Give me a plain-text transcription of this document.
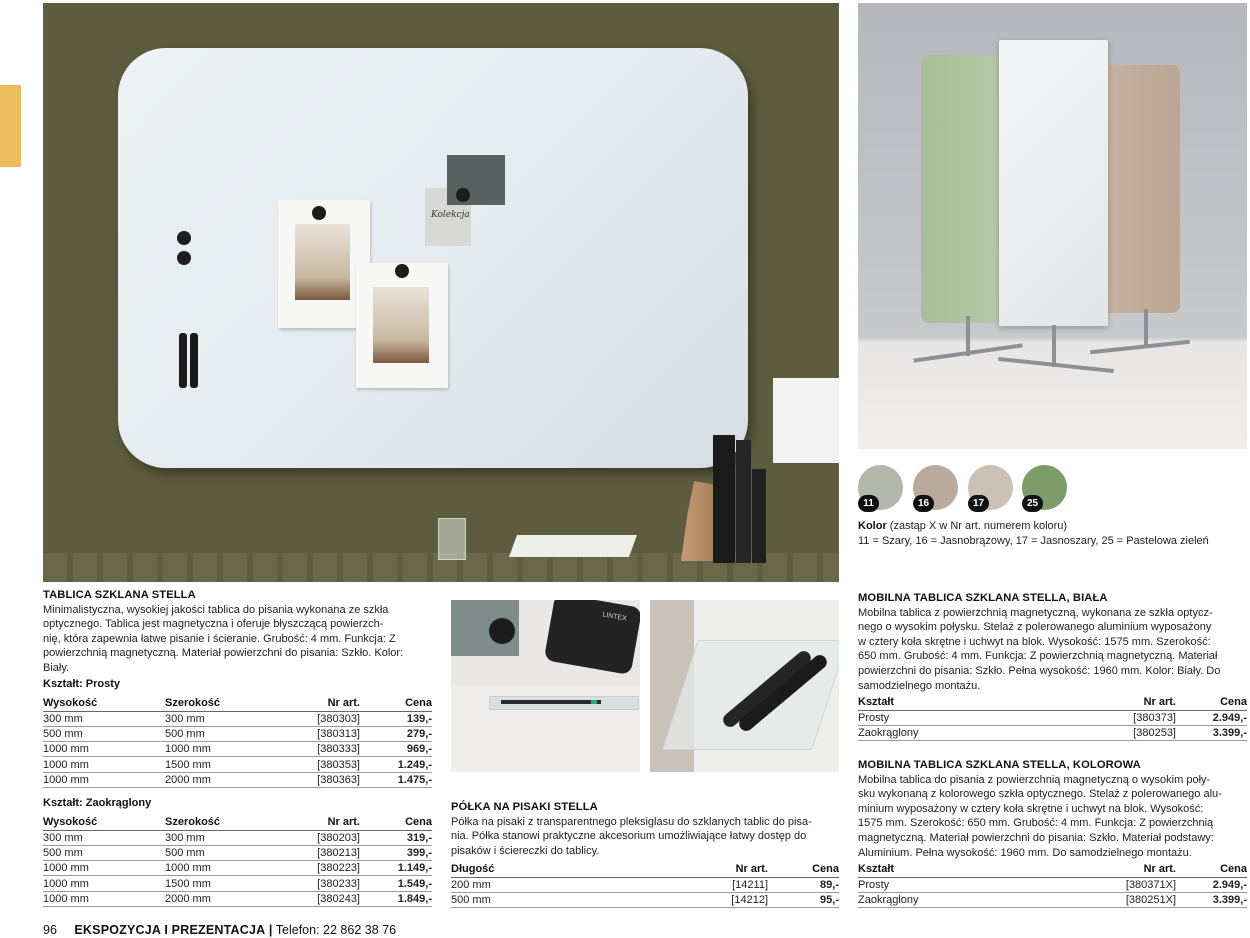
Kolekcja
11	16	17	25
Kolor (zastąp X w Nr art. numerem koloru)
11 = Szary, 16 = Jasnobrązowy, 17 = Jasnoszary, 25 = Pastelowa zieleń
TABLICA SZKLANA STELLA
Minimalistyczna, wysokiej jakości tablica do pisania wykonana ze szkła
optycznego. Tablica jest magnetyczna i oferuje błyszczącą powierzch-
nię, która zapewnia łatwe pisanie i ścieranie. Grubość: 4 mm. Funkcja: Z
powierzchnią magnetyczną. Materiał powierzchni do pisania: Szkło. Kolor:
Biały.
Kształt: Prosty
Wysokość	Szerokość	Nr art.	Cena
300 mm	300 mm	[380303]	139,-
500 mm	500 mm	[380313]	279,-
1000 mm	1000 mm	[380333]	969,-
1000 mm	1500 mm	[380353]	1.249,-
1000 mm	2000 mm	[380363]	1.475,-
Kształt: Zaokrąglony
Wysokość	Szerokość	Nr art.	Cena
300 mm	300 mm	[380203]	319,-
500 mm	500 mm	[380213]	399,-
1000 mm	1000 mm	[380223]	1.149,-
1000 mm	1500 mm	[380233]	1.549,-
1000 mm	2000 mm	[380243]	1.849,-
LINTEX
PÓŁKA NA PISAKI STELLA
Półka na pisaki z transparentnego pleksiglasu do szklanych tablic do pisa-
nia. Półka stanowi praktyczne akcesorium umożliwiające łatwy dostęp do
pisaków i ścierеczki do tablicy.
Długość	Nr art.	Cena
200 mm	[14211]	89,-
500 mm	[14212]	95,-
MOBILNA TABLICA SZKLANA STELLA, BIAŁA
Mobilna tablica z powierzchnią magnetyczną, wykonana ze szkła optycz-
nego o wysokim połysku. Stelaż z polerowanego aluminium wyposażony
w cztery koła skrętne i uchwyt na blok. Wysokość: 1575 mm. Szerokość:
650 mm. Grubość: 4 mm. Funkcja: Z powierzchnią magnetyczną. Materiał
powierzchni do pisania: Szkło. Pełna wysokość: 1960 mm. Kolor: Biały. Do
samodzielnego montażu.
Kształt	Nr art.	Cena
Prosty	[380373]	2.949,-
Zaokrąglony	[380253]	3.399,-
MOBILNA TABLICA SZKLANA STELLA, KOLOROWA
Mobilna tablica do pisania z powierzchnią magnetyczną o wysokim poły-
sku wykonaną z kolorowego szkła optycznego. Stelaż z polerowanego alu-
minium wyposażony w cztery koła skrętne i uchwyt na blok. Wysokość:
1575 mm. Szerokość: 650 mm. Grubość: 4 mm. Funkcja: Z powierzchnią
magnetyczną. Materiał powierzchni do pisania: Szkło. Materiał podstawy:
Aluminium. Pełna wysokość: 1960 mm. Do samodzielnego montażu.
Kształt	Nr art.	Cena
Prosty	[380371X]	2.949,-
Zaokrąglony	[380251X]	3.399,-
96 EKSPOZYCJA I PREZENTACJA | Telefon: 22 862 38 76
